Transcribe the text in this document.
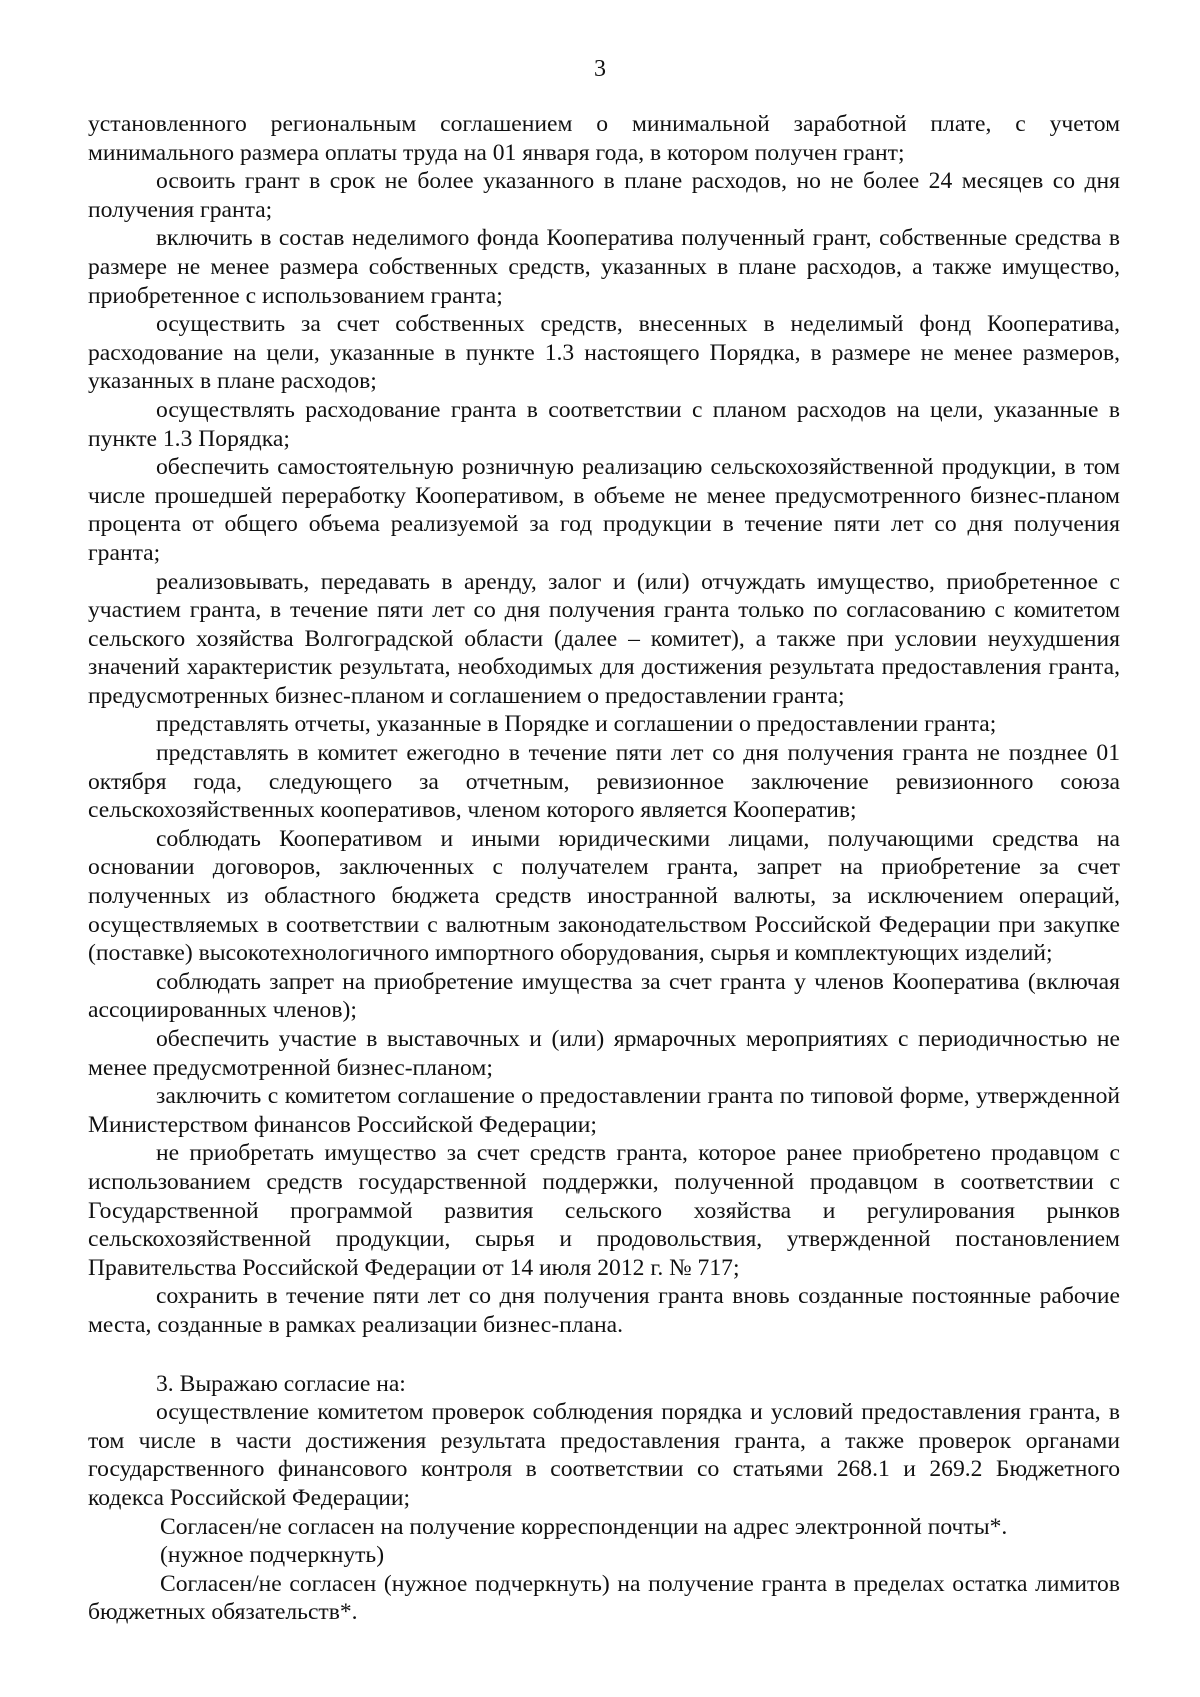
3

установленного региональным соглашением о минимальной заработной плате, с учетом минимального размера оплаты труда на 01 января года, в котором получен грант;

освоить грант в срок не более указанного в плане расходов, но не более 24 месяцев со дня получения гранта;

включить в состав неделимого фонда Кооператива полученный грант, собственные средства в размере не менее размера собственных средств, указанных в плане расходов, а также имущество, приобретенное с использованием гранта;

осуществить за счет собственных средств, внесенных в неделимый фонд Кооператива, расходование на цели, указанные в пункте 1.3 настоящего Порядка, в размере не менее размеров, указанных в плане расходов;

осуществлять расходование гранта в соответствии с планом расходов на цели, указанные в пункте 1.3 Порядка;

обеспечить самостоятельную розничную реализацию сельскохозяйственной продукции, в том числе прошедшей переработку Кооперативом, в объеме не менее предусмотренного бизнес-планом процента от общего объема реализуемой за год продукции в течение пяти лет со дня получения гранта;

реализовывать, передавать в аренду, залог и (или) отчуждать имущество, приобретенное с участием гранта, в течение пяти лет со дня получения гранта только по согласованию с комитетом сельского хозяйства Волгоградской области (далее – комитет), а также при условии неухудшения значений характеристик результата, необходимых для достижения результата предоставления гранта, предусмотренных бизнес-планом и соглашением о предоставлении гранта;

представлять отчеты, указанные в Порядке и соглашении о предоставлении гранта;

представлять в комитет ежегодно в течение пяти лет со дня получения гранта не позднее 01 октября года, следующего за отчетным, ревизионное заключение ревизионного союза сельскохозяйственных кооперативов, членом которого является Кооператив;

соблюдать Кооперативом и иными юридическими лицами, получающими средства на основании договоров, заключенных с получателем гранта, запрет на приобретение за счет полученных из областного бюджета средств иностранной валюты, за исключением операций, осуществляемых в соответствии с валютным законодательством Российской Федерации при закупке (поставке) высокотехнологичного импортного оборудования, сырья и комплектующих изделий;

соблюдать запрет на приобретение имущества за счет гранта у членов Кооператива (включая ассоциированных членов);

обеспечить участие в выставочных и (или) ярмарочных мероприятиях с периодичностью не менее предусмотренной бизнес-планом;

заключить с комитетом соглашение о предоставлении гранта по типовой форме, утвержденной Министерством финансов Российской Федерации;

не приобретать имущество за счет средств гранта, которое ранее приобретено продавцом с использованием средств государственной поддержки, полученной продавцом в соответствии с Государственной программой развития сельского хозяйства и регулирования рынков сельскохозяйственной продукции, сырья и продовольствия, утвержденной постановлением Правительства Российской Федерации от 14 июля 2012 г. № 717;

сохранить в течение пяти лет со дня получения гранта вновь созданные постоянные рабочие места, созданные в рамках реализации бизнес-плана.

3. Выражаю согласие на:

осуществление комитетом проверок соблюдения порядка и условий предоставления гранта, в том числе в части достижения результата предоставления гранта, а также проверок органами государственного финансового контроля в соответствии со статьями 268.1 и 269.2 Бюджетного кодекса Российской Федерации;

Согласен/не согласен на получение корреспонденции на адрес электронной почты*.

(нужное подчеркнуть)

Согласен/не согласен (нужное подчеркнуть) на получение гранта в пределах остатка лимитов бюджетных обязательств*.
